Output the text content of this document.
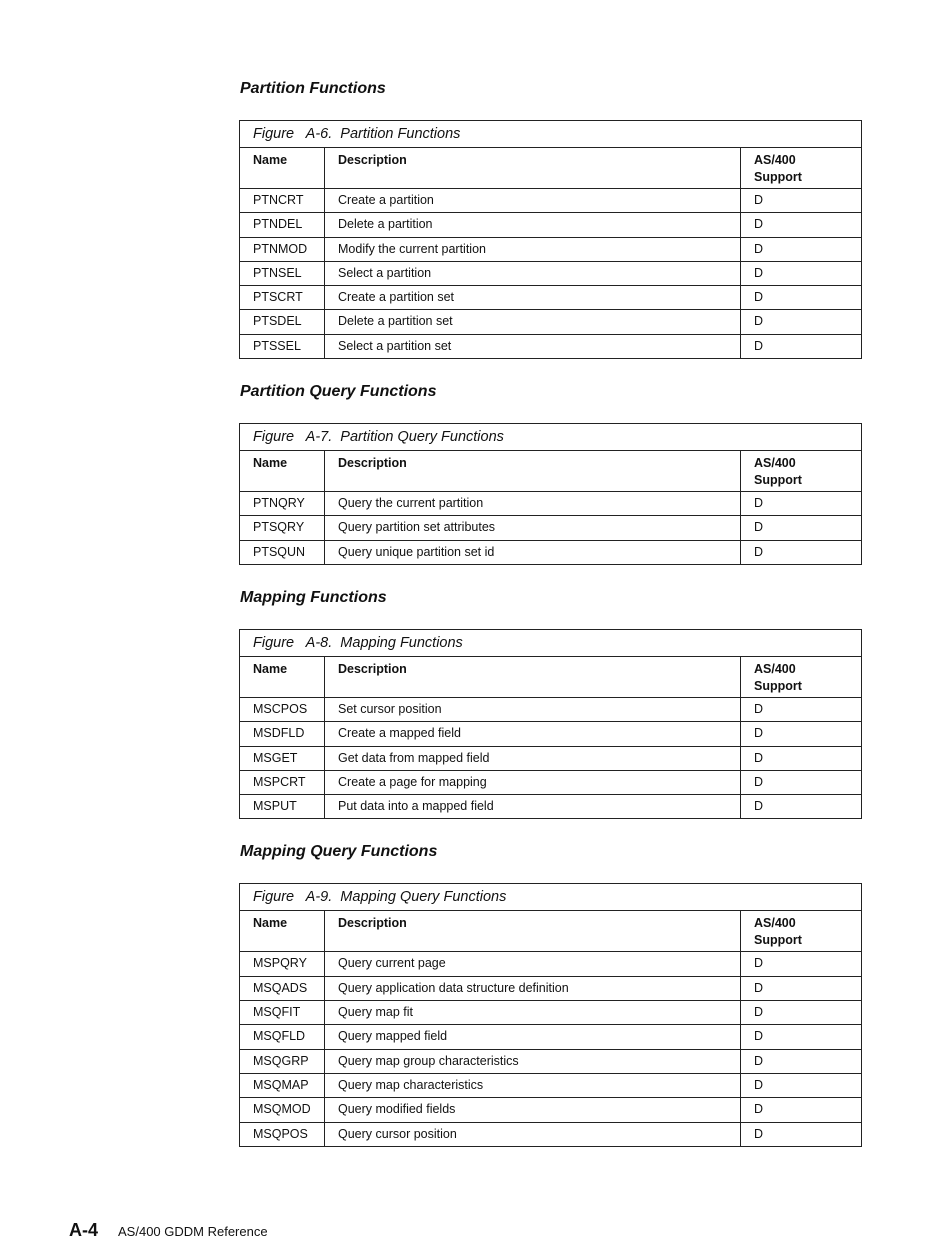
Partition Functions
Figure   A-6.  Partition Functions
Name	Description	AS/400
Support
PTNCRT	Create a partition	D
PTNDEL	Delete a partition	D
PTNMOD	Modify the current partition	D
PTNSEL	Select a partition	D
PTSCRT	Create a partition set	D
PTSDEL	Delete a partition set	D
PTSSEL	Select a partition set	D
Partition Query Functions
Figure   A-7.  Partition Query Functions
Name	Description	AS/400
Support
PTNQRY	Query the current partition	D
PTSQRY	Query partition set attributes	D
PTSQUN	Query unique partition set id	D
Mapping Functions
Figure   A-8.  Mapping Functions
Name	Description	AS/400
Support
MSCPOS	Set cursor position	D
MSDFLD	Create a mapped field	D
MSGET	Get data from mapped field	D
MSPCRT	Create a page for mapping	D
MSPUT	Put data into a mapped field	D
Mapping Query Functions
Figure   A-9.  Mapping Query Functions
Name	Description	AS/400
Support
MSPQRY	Query current page	D
MSQADS	Query application data structure definition	D
MSQFIT	Query map fit	D
MSQFLD	Query mapped field	D
MSQGRP	Query map group characteristics	D
MSQMAP	Query map characteristics	D
MSQMOD	Query modified fields	D
MSQPOS	Query cursor position	D
A-4 AS/400 GDDM Reference
